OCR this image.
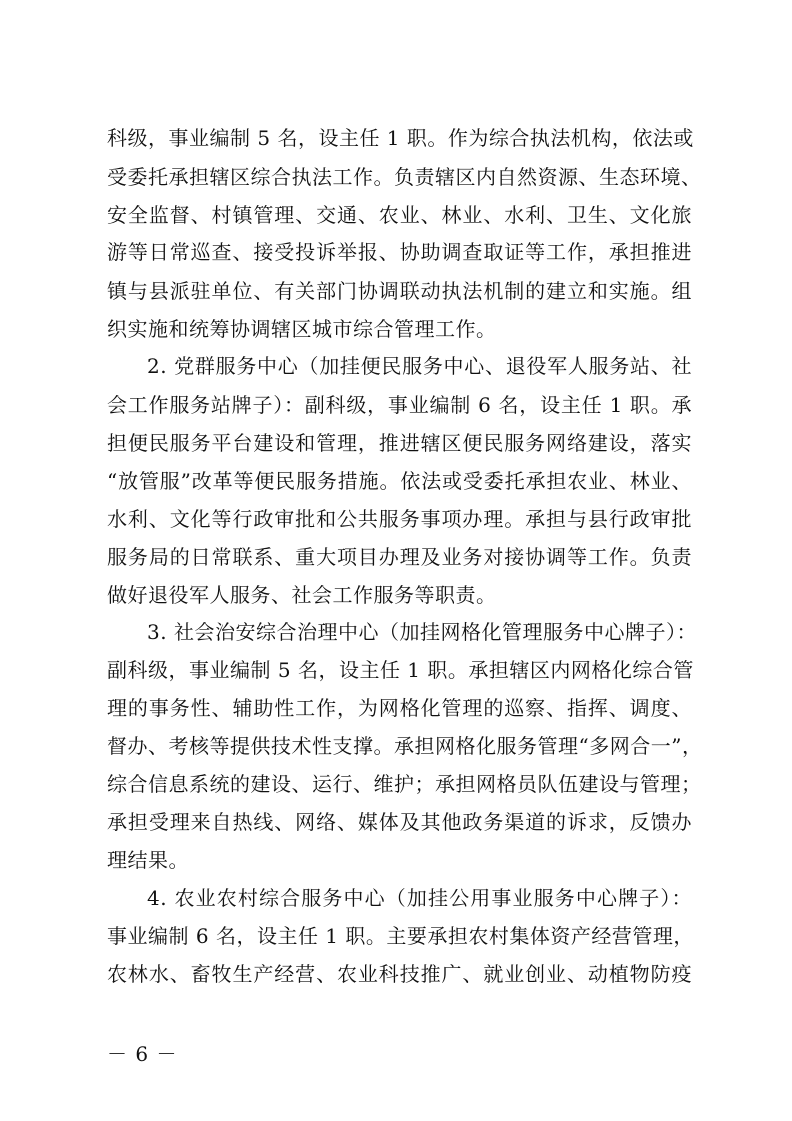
科级，事业编制 5 名，设主任 1 职。作为综合执法机构，依法或
受委托承担辖区综合执法工作。负责辖区内自然资源、生态环境、
安全监督、村镇管理、交通、农业、林业、水利、卫生、文化旅
游等日常巡查、接受投诉举报、协助调查取证等工作，承担推进
镇与县派驻单位、有关部门协调联动执法机制的建立和实施。组
织实施和统筹协调辖区城市综合管理工作。
2. 党群服务中心（加挂便民服务中心、退役军人服务站、社
会工作服务站牌子）：副科级，事业编制 6 名，设主任 1 职。承
担便民服务平台建设和管理，推进辖区便民服务网络建设，落实
“放管服”改革等便民服务措施。依法或受委托承担农业、林业、
水利、文化等行政审批和公共服务事项办理。承担与县行政审批
服务局的日常联系、重大项目办理及业务对接协调等工作。负责
做好退役军人服务、社会工作服务等职责。
3. 社会治安综合治理中心（加挂网格化管理服务中心牌子）：
副科级，事业编制 5 名，设主任 1 职。承担辖区内网格化综合管
理的事务性、辅助性工作，为网格化管理的巡察、指挥、调度、
督办、考核等提供技术性支撑。承担网格化服务管理“多网合一”，
综合信息系统的建设、运行、维护；承担网格员队伍建设与管理；
承担受理来自热线、网络、媒体及其他政务渠道的诉求，反馈办
理结果。
4. 农业农村综合服务中心（加挂公用事业服务中心牌子）：
事业编制 6 名，设主任 1 职。主要承担农村集体资产经营管理，
农林水、畜牧生产经营、农业科技推广、就业创业、动植物防疫
－ 6 －
